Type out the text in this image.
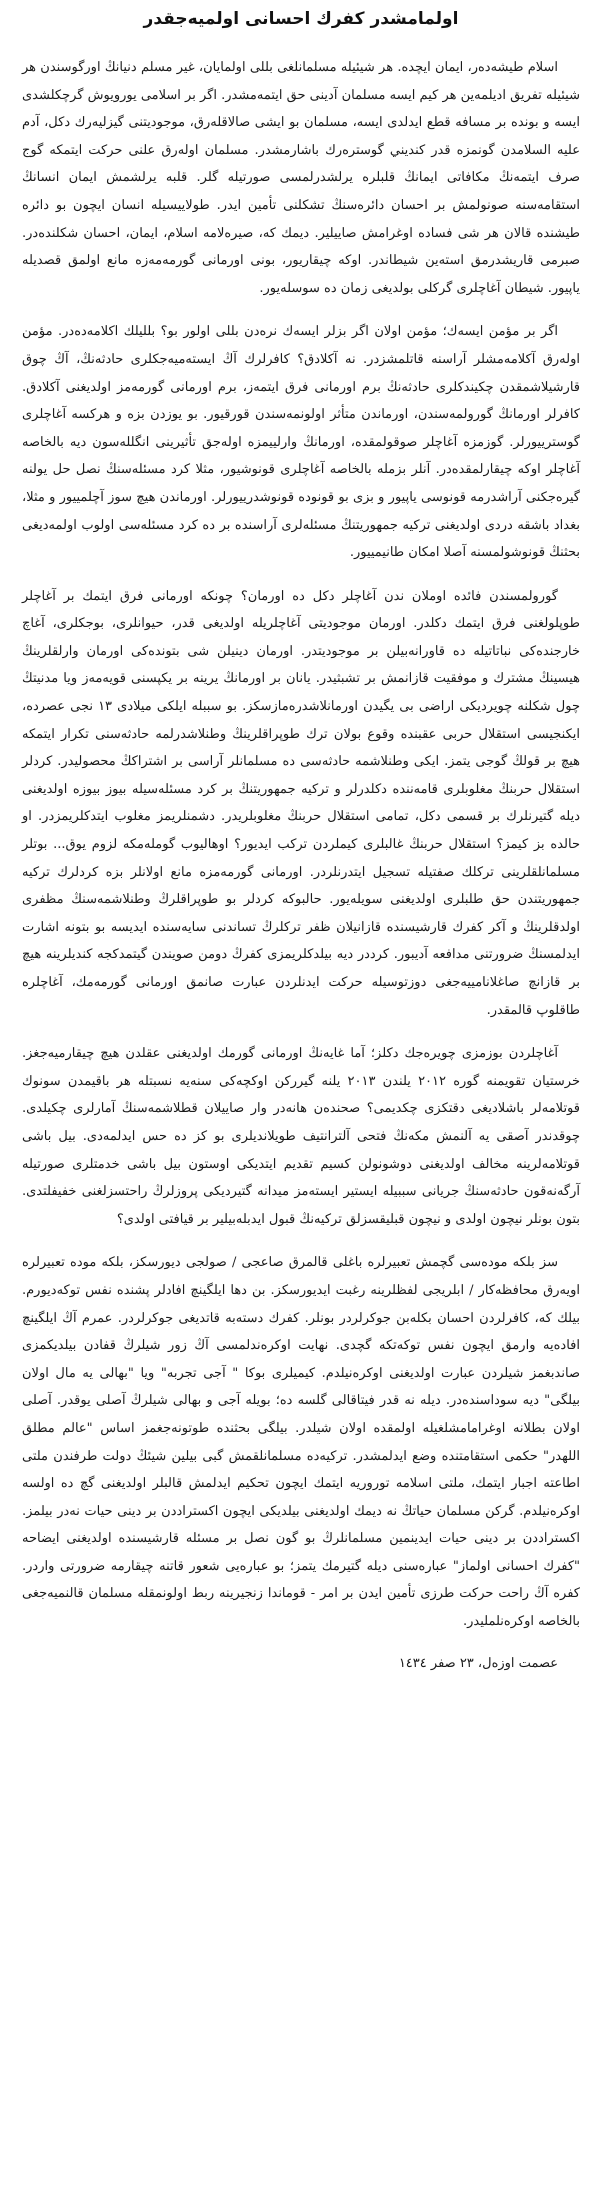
اولمامشدر کفرك احسانى اولميەجقدر

اسلام طيشەدەر، ايمان ايچدە. هر شيئيلە مسلمانلغى بللى اولمايان، غير مسلم دنيانڭ اورگوسندن هر شيئيلە تفريق اديلمەين هر كيم ايسە مسلمان آدينى حق ايتمەمشدر. اگر بر اسلامى يورويوش گرچكلشدى ايسە و بوندە بر مسافە قطع ايدلدى ايسە، مسلمان بو ايشى صالاقلەرق، موجوديتنى گيزليەرك دكل، آدم عليە السلامدن گونمزە قدر كنديني گوسترەرك باشارمشدر. مسلمان اولەرق علنى حركت ايتمكە گوج صرف ايتمەنڭ مكافاتى ايمانڭ قلبلرە يرلشدرلمسى صورتيلە گلر. قلبە يرلشمش ايمان انسانڭ استقامەسنە صونولمش بر احسان دائرەسنڭ تشكلنى تأمين ايدر. طولاييسيلە انسان ايچون بو دائرە طيشندە قالان هر شى فسادە اوغرامش صاييلير. ديمك كە، صيرەلامە اسلام، ايمان، احسان شكلندەدر. صبرمى قاريشدرمق استەين شيطاندر. اوكە چيقاريور، بونى اورمانى گورمەمەزە مانع اولمق قصديلە ياپيور. شيطان آغاچلرى گركلى بولديغى زمان دە سوسلەيور.

اگر بر مؤمن ايسەك؛ مؤمن اولان اگر بزلر ايسەك نرەدن بللى اولور بو؟ بلليلك اكلامەدەدر. مؤمن اولەرق آكلامەمشلر آراسنە قاتلمشزدر. نە آكلادق؟ كافرلرك آڭ ايستەميەجكلرى حادثەنڭ، آڭ چوق قارشيلاشمقدن چكيندكلرى حادثەنڭ برم اورمانى فرق ايتمەز، برم اورمانى گورمەمز اولديغنى آكلادق. كافرلر اورمانڭ گورولمەسندن، اورماندن متأثر اولونمەسندن قورقيور. بو يوزدن بزە و هركسە آغاچلرى گوسترييورلر. گوزمزە آغاچلر صوقولمقدە، اورمانڭ وارلييمزە اولەجق تأثيرينى انگللەسون ديە بالخاصە آغاچلر اوكە چيقارلمقدەدر. آنلر بزملە بالخاصە آغاچلرى قونوشيور، مثلا كرد مسئلەسنڭ نصل حل يولنە گيرەجكنى آراشدرمە قونوسى ياپيور و بزى بو قونودە قونوشدرييورلر. اورماندن هيچ سوز آچلمييور و مثلا، بغداد باشقە دردى اولديغنى تركيە جمهوريتنڭ مسئلەلرى آراسندە بر دە كرد مسئلەسى اولوب اولمەديغى بحثنڭ قونوشولمسنە آصلا امكان طانيمييور.

گورولمسندن فائدە اوملان ندن آغاچلر دكل دە اورمان؟ چونكە اورمانى فرق ايتمك بر آغاچلر طوپلولغنى فرق ايتمك دكلدر. اورمان موجوديتى آغاچلريلە اولديغى قدر، حيوانلرى، بوجكلرى، آغاچ خارجندەكى نباتاتيلە دە قاورانەبيلن بر موجوديتدر. اورمان دينيلن شى بتوندەكى اورمان وارلقلرينڭ هيسينڭ مشترك و موفقيت قازانمش بر تشبثيدر. يانان بر اورمانڭ يرينە بر يكپسنى قويەمەز ويا مدنيتڭ چول شكلنە چويرديكى اراضى بى يگيدن اورمانلاشدرەمازسكز. بو سببلە ايلكى ميلادى ١٣ نجى عصردە، ايكنجيسى استقلال حربى عقبندە وقوع بولان ترك طوپراقلرينڭ وطنلاشدرلمە حادثەسنى تكرار ايتمكە هيچ بر قولڭ گوجى يتمز. ايكى وطنلاشمە حادثەسى دە مسلمانلر آراسى بر اشتراكڭ محصوليدر. كردلر استقلال حربنڭ مغلوبلرى قامەنندە دكلدرلر و تركيە جمهوريتنڭ بر كرد مسئلەسيلە بيوز بيوزە اولديغنى ديلە گتيرنلرك بر قسمى دكل، تمامى استقلال حربنڭ مغلوبلريدر. دشمنلريمز مغلوب ايتدكلريمزدر. او حالدە بز كيمز؟ استقلال حربنڭ غالبلرى كيملردن تركب ايديور؟ اوهاليوب گوملەمكە لزوم يوق... بوتلر مسلمانلقلرينى تركلك صفتيلە تسجيل ايتدرنلردر. اورمانى گورمەمزە مانع اولانلر بزە كردلرك تركيە جمهوريتندن حق طلبلرى اولديغنى سويلەيور. حالبوكە كردلر بو طوپراقلرڭ وطنلاشمەسنڭ مظفرى اولدقلرينڭ و آكر كفرك قارشيسندە قازانيلان ظفر تركلرڭ تساندنى سايەسندە ايديسە بو بتونە اشارت ايدلمسنڭ ضرورتنى مدافعە آديبور. كرددر ديە بيلدكلريمزى كفرڭ دومن صويندن گيتمدكجە كنديلرينە هيچ بر قازانچ صاغلانامييەجغى دوزتوسيلە حركت ايدنلردن عبارت صانمق اورمانى گورمەمك، آغاچلرە طاقلوپ قالمقدر.

آغاچلردن بوزمزى چويرەجك دكلز؛ آما غايەنڭ اورمانى گورمك اولديغنى عقلدن هيچ چيقارميەجغز. خرستيان تقويمنە گورە ٢٠١٢ يلندن ٢٠١٣ يلنە گيرركن اوكچەكى سنەيە نسبتلە هر باقيمدن سونوك قوتلامەلر باشلاديغى دقتكزى چكديمى؟ صحندەن هانەدر وار صاييلان قطلاشمەسنڭ آمارلرى چكيلدى. چوقدندر آصقى يە آلنمش مكەنڭ فتحى آلترانتيف طويلانديلرى بو كز دە حس ايدلمەدى. بيل باشى قوتلامەلرينە مخالف اولديغنى دوشونولن كسيم تقديم ايتديكى اوستون بيل باشى خدمتلرى صورتيلە آرگەنەقون حادثەسنڭ جريانى سببيلە ايستير ايستەمز ميدانە گتيرديكى پروزلرڭ راحتسزلغنى خفيفلتدى. بتون بونلر نيچون اولدى و نيچون قبليقسزلق تركيەنڭ قبول ايدبلەبيلير بر قيافتى اولدى؟

سز بلكە مودەسى گچمش تعبيرلرە باغلى قالمرق صاعجى / صولجى ديورسكز، بلكە موده تعبيرلرە اويەرق محافظەكار / ابلريجى لفظلرينە رغبت ايديورسكز. بن دها ايلگينچ افادلر پشنده نفس توكەديورم. بيلك كە، كافرلردن احسان بكلەبن جوكرلردر بونلر. كفرك دستەبە قاتديغى جوكرلردر. عمرم آڭ ايلگينچ افادەيە وارمق ايچون نفس توكەتكە گچدى. نهايت اوكرەندلمسى آڭ زور شيلرڭ قفادن بيلديكمزى صاندبغمز شيلردن عبارت اولديغنى اوكرەنيلدم. كيميلرى بوكا " آجى تجربە" ويا "بهالى يە مال اولان بيلگى" ديە سوداسندەدر. ديلە نە قدر فيتاقالى گلسە دە؛ بويلە آجى و بهالى شيلرڭ آصلى يوقدر. آصلى اولان بطلانە اوغرامامشلغيلە اولمقدە اولان شيلدر. بيلگى بحثندە طوتونەجغمز اساس "عالم مطلق اللهدر" حكمى استقامتندە وضع ايدلمشدر. تركيەدە مسلمانلقمش گبى بيلين شيئڭ دولت طرفندن ملتى اطاعتە اجبار ايتمك، ملتى اسلامە توروريە ايتمك ايچون تحكيم ايدلمش قالبلر اولديغنى گچ دە اولسە اوكرەنيلدم. گركن مسلمان حياتڭ نە ديمك اولديغنى بيلديكى ايچون اكستراددن بر دينى حيات نەدر بيلمز. اكستراددن بر دينى حيات ايدينمين مسلمانلرڭ بو گون نصل بر مسئلە قارشيسندە اولديغنى ايضاحە "كفرك احسانى اولماز" عبارەسنى ديلە گتيرمك يتمز؛ بو عبارەيى شعور قاتنە چيقارمە ضرورتى واردر. كفرە آڭ راحت حركت طرزى تأمين ايدن بر امر - قوماندا زنجيرينە ربط اولونمقلە مسلمان قالنميەجغى بالخاصە اوكرەنلمليدر.

عصمت اوزەل، ٢٣ صفر ١٤٣٤
